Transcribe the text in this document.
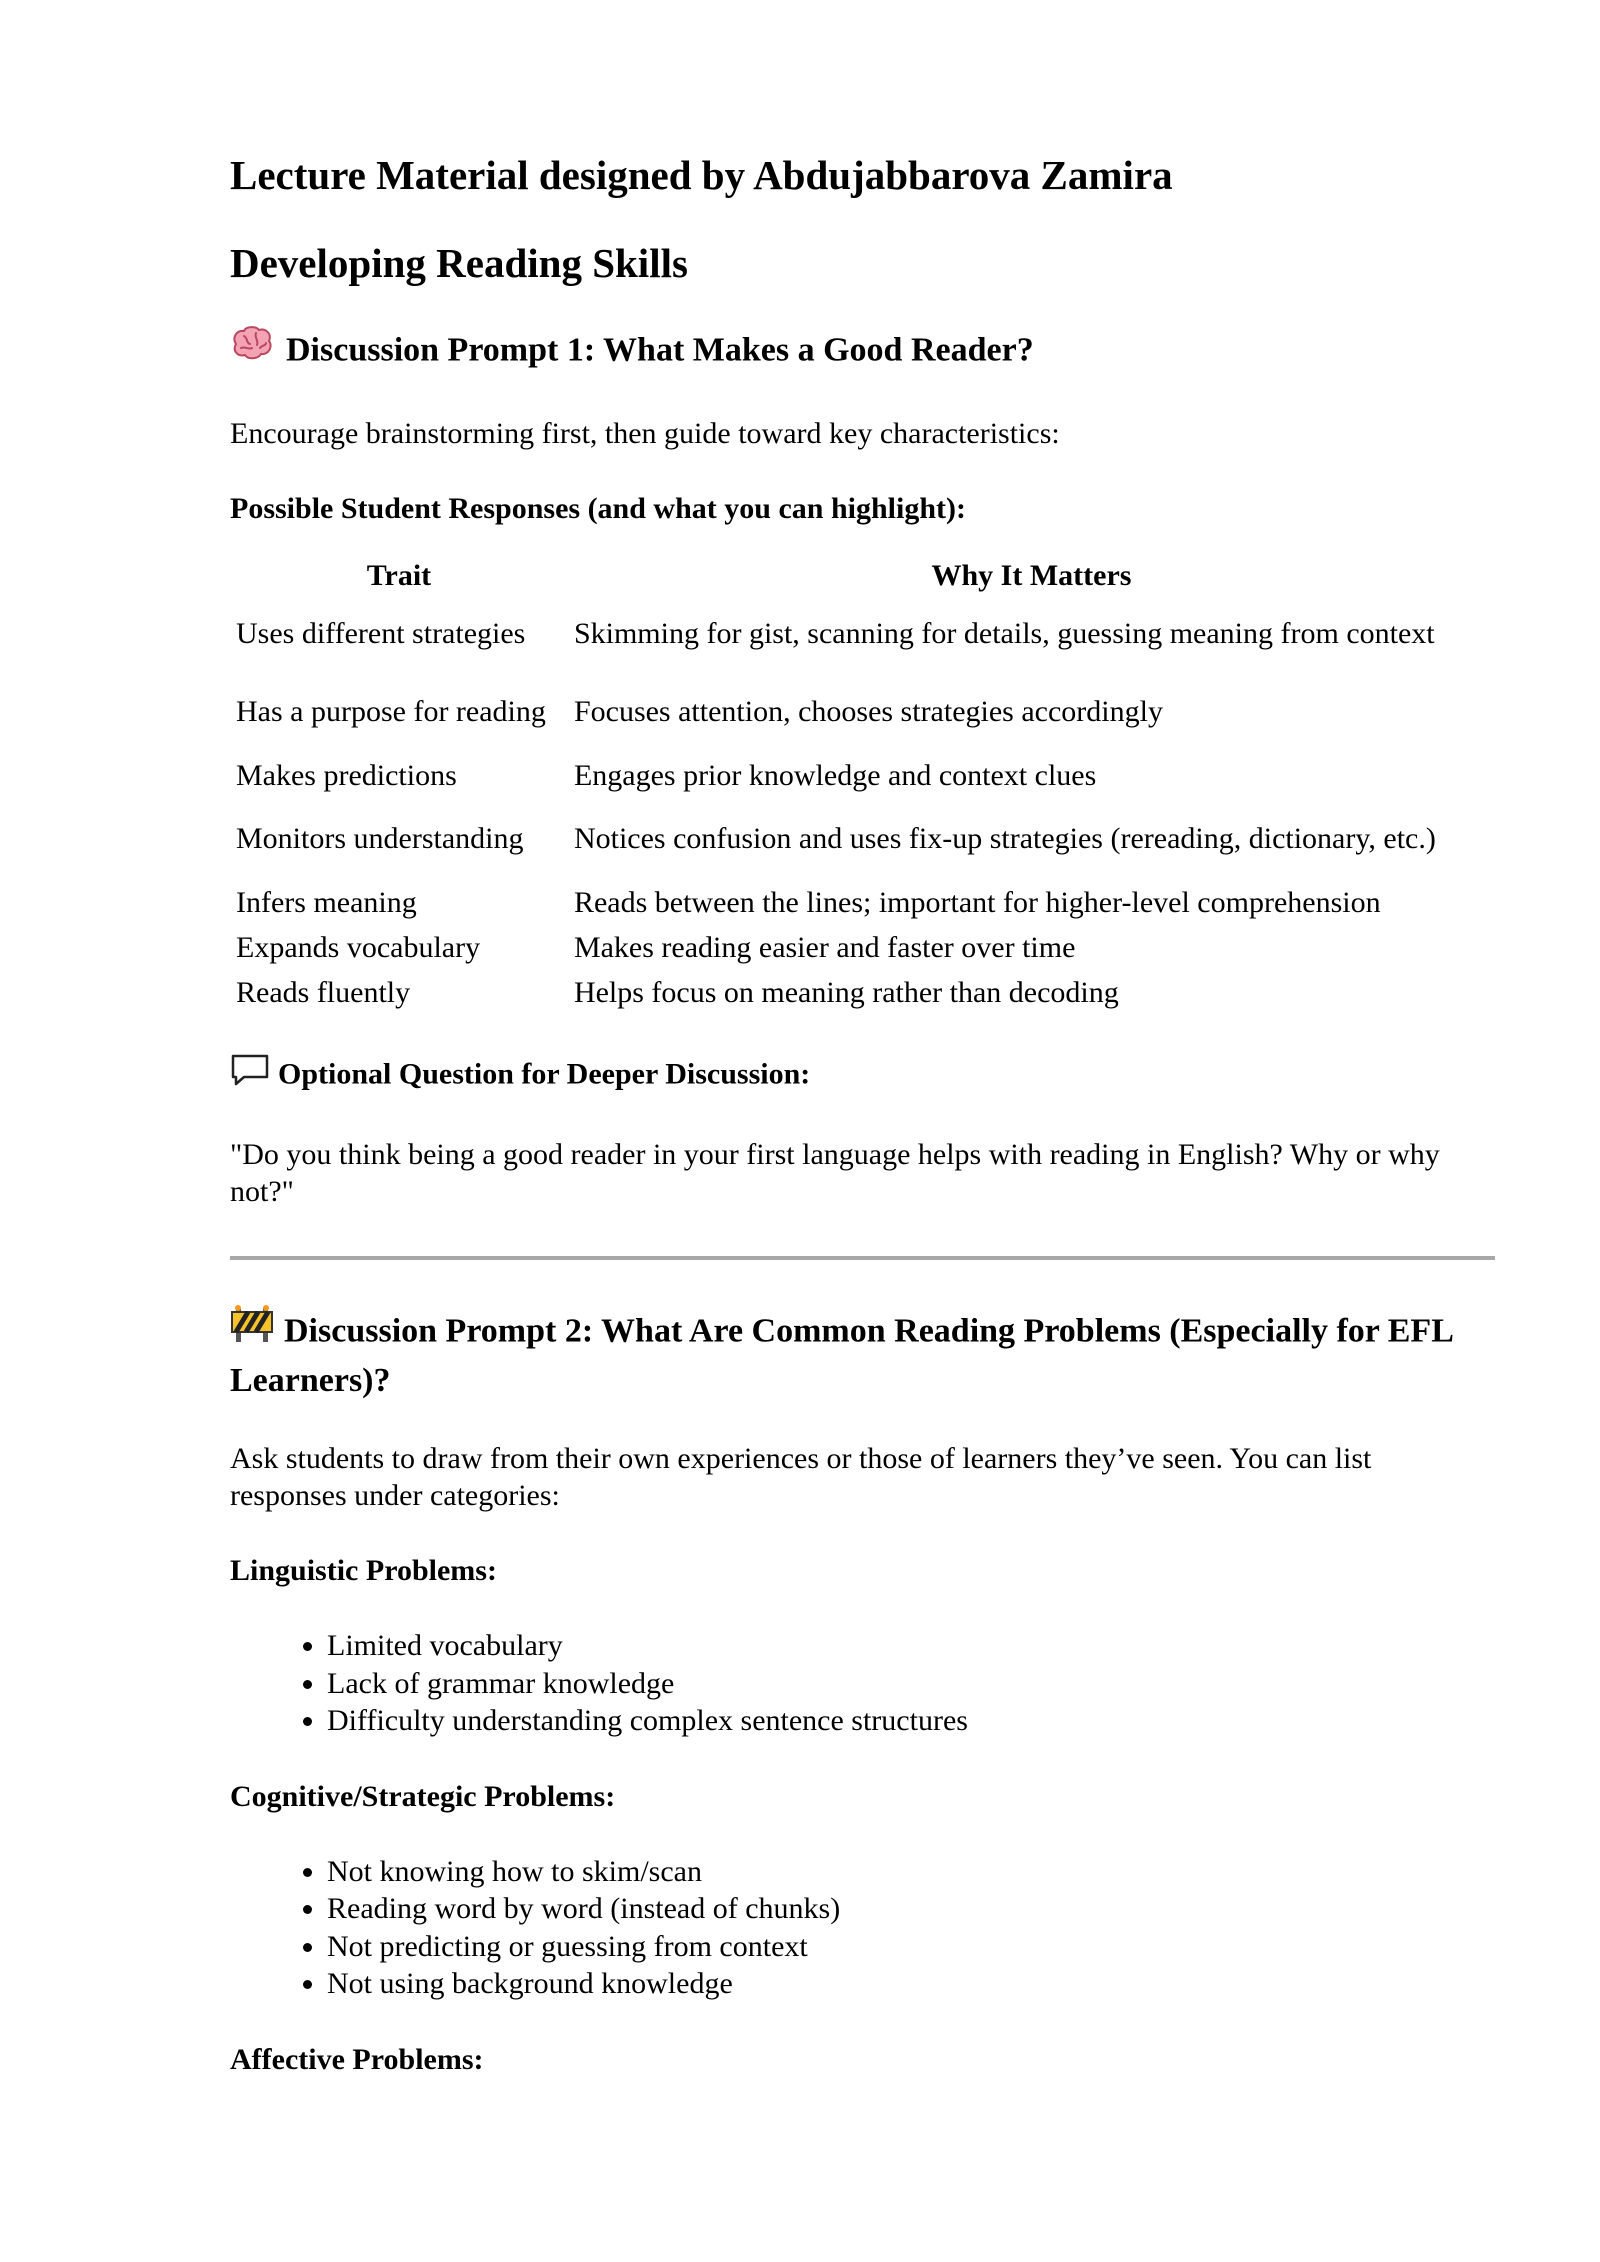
Lecture Material designed by Abdujabbarova Zamira
Developing Reading Skills
Discussion Prompt 1: What Makes a Good Reader?

Encourage brainstorming first, then guide toward key characteristics:

Possible Student Responses (and what you can highlight):

Trait	Why It Matters
Uses different strategies	Skimming for gist, scanning for details, guessing meaning from context
Has a purpose for reading	Focuses attention, chooses strategies accordingly
Makes predictions	Engages prior knowledge and context clues
Monitors understanding	Notices confusion and uses fix-up strategies (rereading, dictionary, etc.)
Infers meaning	Reads between the lines; important for higher-level comprehension
Expands vocabulary	Makes reading easier and faster over time
Reads fluently	Helps focus on meaning rather than decoding

Optional Question for Deeper Discussion:

"Do you think being a good reader in your first language helps with reading in English? Why or why not?"

Discussion Prompt 2: What Are Common Reading Problems (Especially for EFL Learners)?

Ask students to draw from their own experiences or those of learners they’ve seen. You can list responses under categories:

Linguistic Problems:

• Limited vocabulary
• Lack of grammar knowledge
• Difficulty understanding complex sentence structures

Cognitive/Strategic Problems:

• Not knowing how to skim/scan
• Reading word by word (instead of chunks)
• Not predicting or guessing from context
• Not using background knowledge

Affective Problems:
